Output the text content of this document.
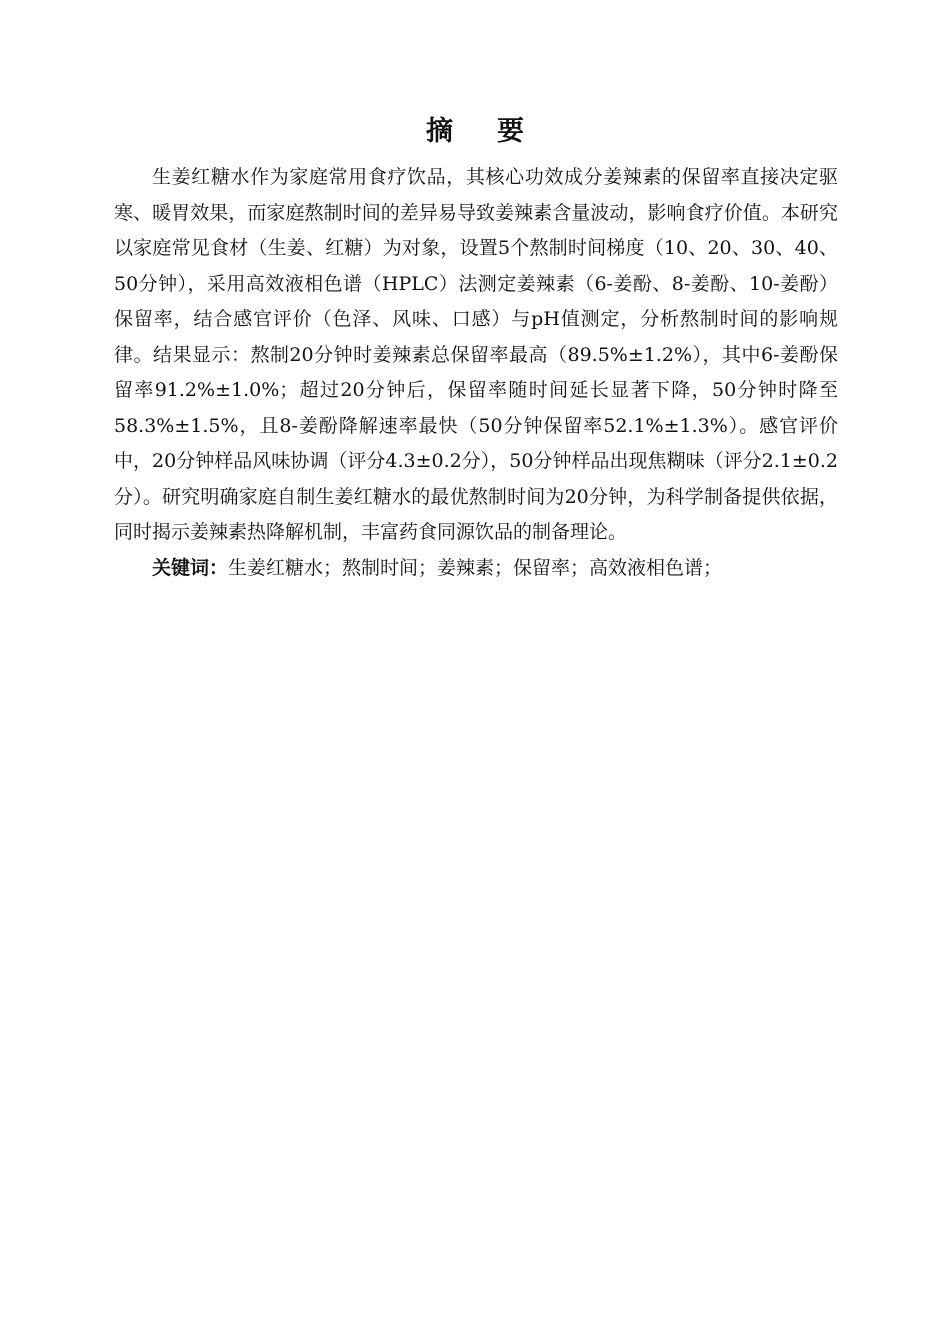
摘 要

生姜红糖水作为家庭常用食疗饮品，其核心功效成分姜辣素的保留率直接决定驱寒、暖胃效果，而家庭熬制时间的差异易导致姜辣素含量波动，影响食疗价值。本研究以家庭常见食材（生姜、红糖）为对象，设置5个熬制时间梯度（10、20、30、40、50分钟），采用高效液相色谱（HPLC）法测定姜辣素（6-姜酚、8-姜酚、10-姜酚）保留率，结合感官评价（色泽、风味、口感）与pH值测定，分析熬制时间的影响规律。结果显示：熬制20分钟时姜辣素总保留率最高（89.5%±1.2%），其中6-姜酚保留率91.2%±1.0%；超过20分钟后，保留率随时间延长显著下降，50分钟时降至58.3%±1.5%，且8-姜酚降解速率最快（50分钟保留率52.1%±1.3%）。感官评价中，20分钟样品风味协调（评分4.3±0.2分），50分钟样品出现焦糊味（评分2.1±0.2分）。研究明确家庭自制生姜红糖水的最优熬制时间为20分钟，为科学制备提供依据，同时揭示姜辣素热降解机制，丰富药食同源饮品的制备理论。

关键词：生姜红糖水；熬制时间；姜辣素；保留率；高效液相色谱；
